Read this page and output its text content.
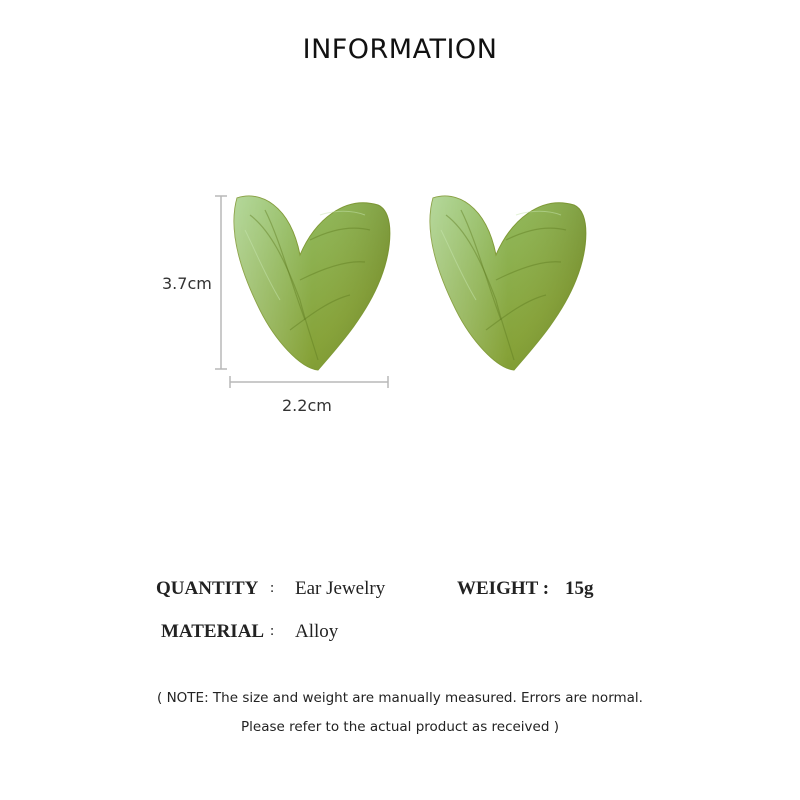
INFORMATION
3.7cm
2.2cm
QUANTITY : Ear Jewelry	WEIGHT : 15g
MATERIAL : Alloy
( NOTE: The size and weight are manually measured. Errors are normal.
Please refer to the actual product as received )
